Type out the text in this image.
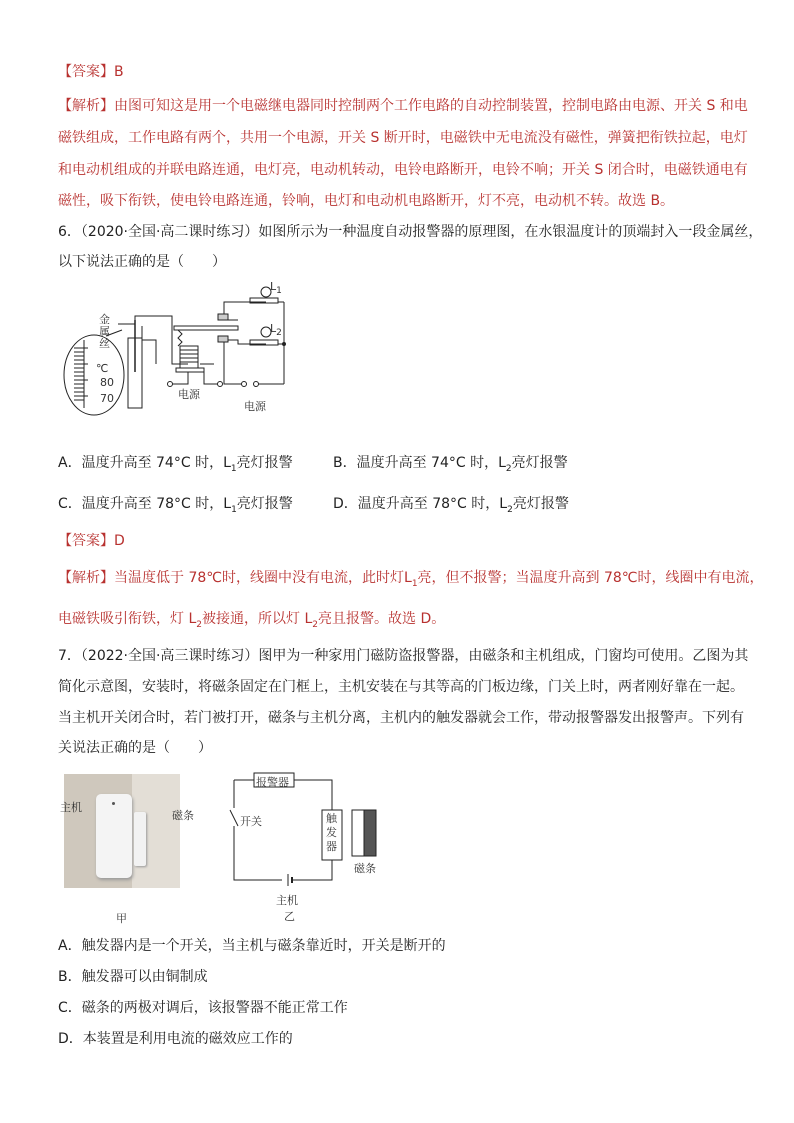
【答案】B
【解析】由图可知这是用一个电磁继电器同时控制两个工作电路的自动控制装置，控制电路由电源、开关 S 和电
磁铁组成，工作电路有两个，共用一个电源，开关 S 断开时，电磁铁中无电流没有磁性，弹簧把衔铁拉起，电灯
和电动机组成的并联电路连通，电灯亮，电动机转动，电铃电路断开，电铃不响；开关 S 闭合时，电磁铁通电有
磁性，吸下衔铁，使电铃电路连通，铃响，电灯和电动机电路断开，灯不亮，电动机不转。故选 B。
6．（2020·全国·高二课时练习）如图所示为一种温度自动报警器的原理图，在水银温度计的顶端封入一段金属丝，
以下说法正确的是（　　）
金
属
丝
℃
80
70	电源
电源
$L_1$
$L_2$
A．温度升高至 74°C 时，$L_1$亮灯报警	B．温度升高至 74°C 时，$L_2$亮灯报警
C．温度升高至 78°C 时，$L_1$亮灯报警	D．温度升高至 78°C 时，$L_2$亮灯报警
【答案】D
【解析】当温度低于 78℃时，线圈中没有电流，此时灯$L_1$亮，但不报警；当温度升高到 78℃时，线圈中有电流，
电磁铁吸引衔铁，灯 $L_2$被接通，所以灯 $L_2$亮且报警。故选 D。
7．（2022·全国·高三课时练习）图甲为一种家用门磁防盗报警器，由磁条和主机组成，门窗均可使用。乙图为其
简化示意图，安装时，将磁条固定在门框上，主机安装在与其等高的门板边缘，门关上时，两者刚好靠在一起。
当主机开关闭合时，若门被打开，磁条与主机分离，主机内的触发器就会工作，带动报警器发出报警声。下列有
关说法正确的是（　　）
主机
磁条
甲
报警器
开关	触
发
器
磁条
主机
乙
A．触发器内是一个开关，当主机与磁条靠近时，开关是断开的
B．触发器可以由铜制成
C．磁条的两极对调后，该报警器不能正常工作
D．本装置是利用电流的磁效应工作的
